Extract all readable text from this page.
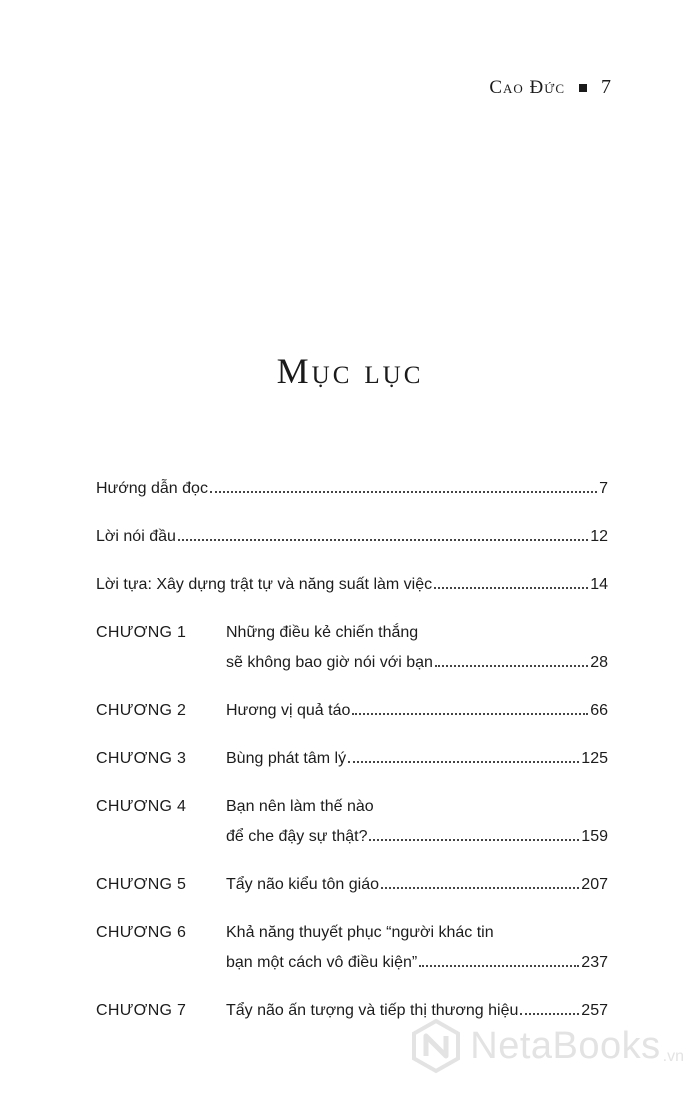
Cao Đức 7
Mục lục
Hướng dẫn đọc	7
Lời nói đầu	12
Lời tựa: Xây dựng trật tự và năng suất làm việc	14
CHƯƠNG 1 Những điều kẻ chiến thắng
sẽ không bao giờ nói với bạn	28
CHƯƠNG 2 Hương vị quả táo	66
CHƯƠNG 3 Bùng phát tâm lý	125
CHƯƠNG 4 Bạn nên làm thế nào
để che đậy sự thật?	159
CHƯƠNG 5 Tẩy não kiểu tôn giáo	207
CHƯƠNG 6 Khả năng thuyết phục “người khác tin
bạn một cách vô điều kiện”	237
CHƯƠNG 7 Tẩy não ấn tượng và tiếp thị thương hiệu	257
NetaBooks .vn
